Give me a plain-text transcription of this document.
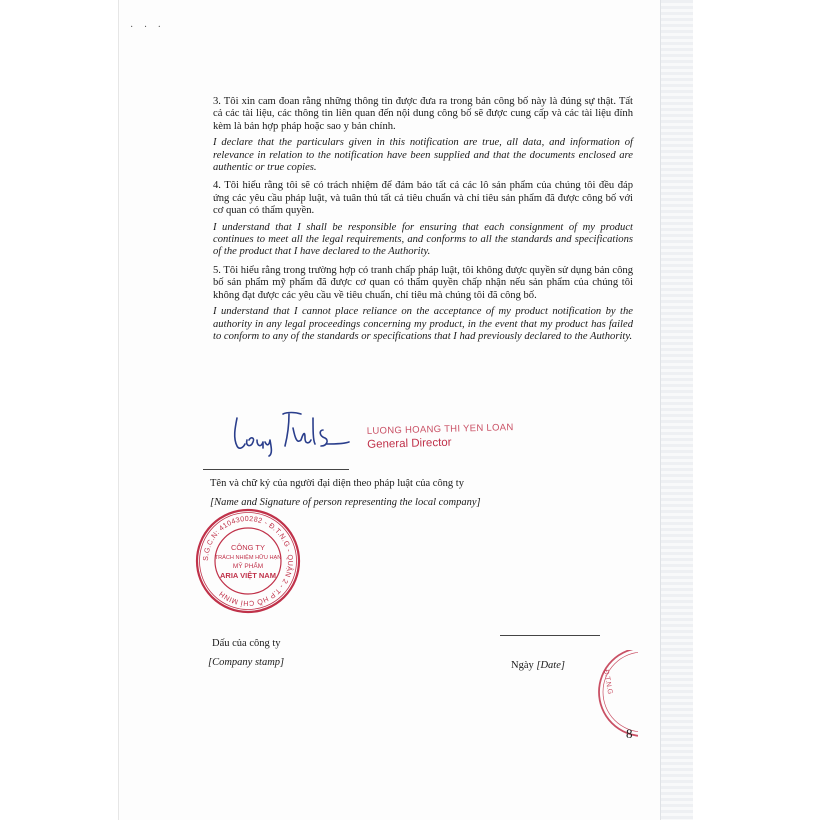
· · ·

3. Tôi xin cam đoan rằng những thông tin được đưa ra trong bản công bố này là đúng sự thật. Tất cả các tài liệu, các thông tin liên quan đến nội dung công bố sẽ được cung cấp và các tài liệu đính kèm là bản hợp pháp hoặc sao y bản chính.

I declare that the particulars given in this notification are true, all data, and information of relevance in relation to the notification have been supplied and that the documents enclosed are authentic or true copies.

4. Tôi hiểu rằng tôi sẽ có trách nhiệm để đảm bảo tất cả các lô sản phẩm của chúng tôi đều đáp ứng các yêu cầu pháp luật, và tuân thủ tất cả tiêu chuẩn và chỉ tiêu sản phẩm đã được công bố với cơ quan có thẩm quyền.

I understand that I shall be responsible for ensuring that each consignment of my product continues to meet all the legal requirements, and conforms to all the standards and specifications of the product that I have declared to the Authority.

5. Tôi hiểu rằng trong trường hợp có tranh chấp pháp luật, tôi không được quyền sử dụng bản công bố sản phẩm mỹ phẩm đã được cơ quan có thẩm quyền chấp nhận nếu sản phẩm của chúng tôi không đạt được các yêu cầu về tiêu chuẩn, chỉ tiêu mà chúng tôi đã công bố.

I understand that I cannot place reliance on the acceptance of my product notification by the authority in any legal proceedings concerning my product, in the event that my product has failed to conform to any of the standards or specifications that I had previously declared to the Authority.

LUONG HOANG THI YEN LOAN
General Director
Tên và chữ ký của người đại diện theo pháp luật của công ty
[Name and Signature of person representing the local company]
S.G.C.N: 4104300282 - Đ.T.N.G - QUẬN 2 - T.P HỒ CHÍ MINH
CÔNG TY
TRÁCH NHIỆM HỮU HẠN
MỸ PHẨM
ARIA VIỆT NAM
Dấu của công ty
[Company stamp]	Ngày [Date]
Đ.T.N.G
8
